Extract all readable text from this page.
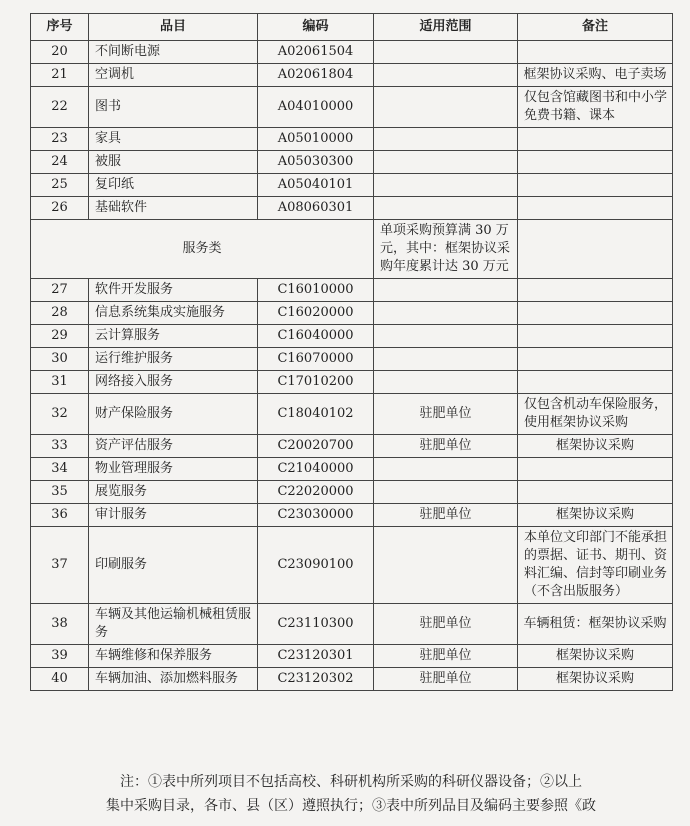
序号	品目	编码	适用范围	备注
20	不间断电源	A02061504		
21	空调机	A02061804		框架协议采购、电子卖场
22	图书	A04010000		仅包含馆藏图书和中小学免费书籍、课本
23	家具	A05010000		
24	被服	A05030300		
25	复印纸	A05040101		
26	基础软件	A08060301		
服务类			单项采购预算满 30 万元，其中：框架协议采购年度累计达 30 万元	
27	软件开发服务	C16010000		
28	信息系统集成实施服务	C16020000		
29	云计算服务	C16040000		
30	运行维护服务	C16070000		
31	网络接入服务	C17010200		
32	财产保险服务	C18040102	驻肥单位	仅包含机动车保险服务，使用框架协议采购
33	资产评估服务	C20020700	驻肥单位	框架协议采购
34	物业管理服务	C21040000		
35	展览服务	C22020000		
36	审计服务	C23030000	驻肥单位	框架协议采购
37	印刷服务	C23090100		本单位文印部门不能承担的票据、证书、期刊、资料汇编、信封等印刷业务（不含出版服务）
38	车辆及其他运输机械租赁服务	C23110300	驻肥单位	车辆租赁：框架协议采购
39	车辆维修和保养服务	C23120301	驻肥单位	框架协议采购
40	车辆加油、添加燃料服务	C23120302	驻肥单位	框架协议采购
注：①表中所列项目不包括高校、科研机构所采购的科研仪器设备；②以上
集中采购目录，各市、县（区）遵照执行；③表中所列品目及编码主要参照《政
